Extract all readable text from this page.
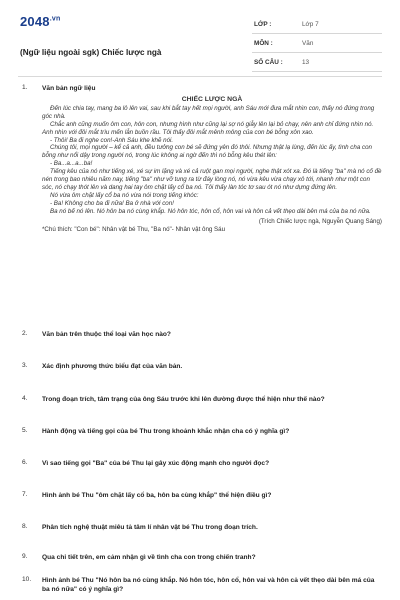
$2048^{.vn}$
(Ngữ liệu ngoài sgk) Chiếc lược ngà
LỚP :	Lớp 7
MÔN :	Văn
SỐ CÂU :	13
1. Văn bản ngữ liệu

CHIẾC LƯỢC NGÀ

Đến lúc chia tay, mang ba lô lên vai, sau khi bắt tay hết mọi người, anh Sáu mới đưa mắt nhìn con, thấy nó đứng trong góc nhà.

Chắc anh cũng muốn ôm con, hôn con, nhưng hình như cũng lại sợ nó giẫy lên lại bỏ chạy, nên anh chỉ đứng nhìn nó. Anh nhìn với đôi mắt trìu mến lẫn buồn rầu. Tôi thấy đôi mắt mênh mông của con bé bỗng xôn xao.

- Thôi! Ba đi nghe con!-Anh Sáu khe khẽ nói.

Chúng tôi, mọi người – kể cả anh, đều tưởng con bé sẽ đứng yên đó thôi. Nhưng thật lạ lùng, đến lúc ấy, tình cha con bỗng như nổi dậy trong người nó, trong lúc không ai ngờ đến thì nó bỗng kêu thét lên:

- Ba...a...a...ba!

Tiếng kêu của nó như tiếng xé, xé sự im lặng và xé cả ruột gan mọi người, nghe thật xót xa. Đó là tiếng "ba" mà nó cố đè nén trong bao nhiêu năm nay, tiếng "ba" như vỡ tung ra từ đáy lòng nó, nó vừa kêu vừa chạy xô tới, nhanh như một con sóc, nó chạy thót lên và dang hai tay ôm chặt lấy cổ ba nó. Tôi thấy làn tóc tơ sau ót nó như dựng đứng lên.

Nó vừa ôm chặt lấy cổ ba nó vừa nói trong tiếng khóc:

- Ba! Không cho ba đi nữa! Ba ở nhà với con!

Ba nó bế nó lên. Nó hôn ba nó cùng khắp. Nó hôn tóc, hôn cổ, hôn vai và hôn cả vết thẹo dài bên má của ba nó nữa.

(Trích Chiếc lược ngà, Nguyễn Quang Sáng)

*Chú thích: "Con bé": Nhân vật bé Thu, "Ba nó"- Nhân vật ông Sáu

2. Văn bản trên thuộc thể loại văn học nào?
3. Xác định phương thức biểu đạt của văn bản.
4. Trong đoạn trích, tâm trạng của ông Sáu trước khi lên đường được thể hiện như thế nào?
5. Hành động và tiếng gọi của bé Thu trong khoảnh khắc nhận cha có ý nghĩa gì?
6. Vì sao tiếng gọi "Ba" của bé Thu lại gây xúc động mạnh cho người đọc?
7. Hình ảnh bé Thu "ôm chặt lấy cổ ba, hôn ba cùng khắp" thể hiện điều gì?
8. Phân tích nghệ thuật miêu tả tâm lí nhân vật bé Thu trong đoạn trích.
9. Qua chi tiết trên, em cảm nhận gì về tình cha con trong chiến tranh?
10. Hình ảnh bé Thu "Nó hôn ba nó cùng khắp. Nó hôn tóc, hôn cổ, hôn vai và hôn cả vết thẹo dài bên má của ba nó nữa" có ý nghĩa gì?
